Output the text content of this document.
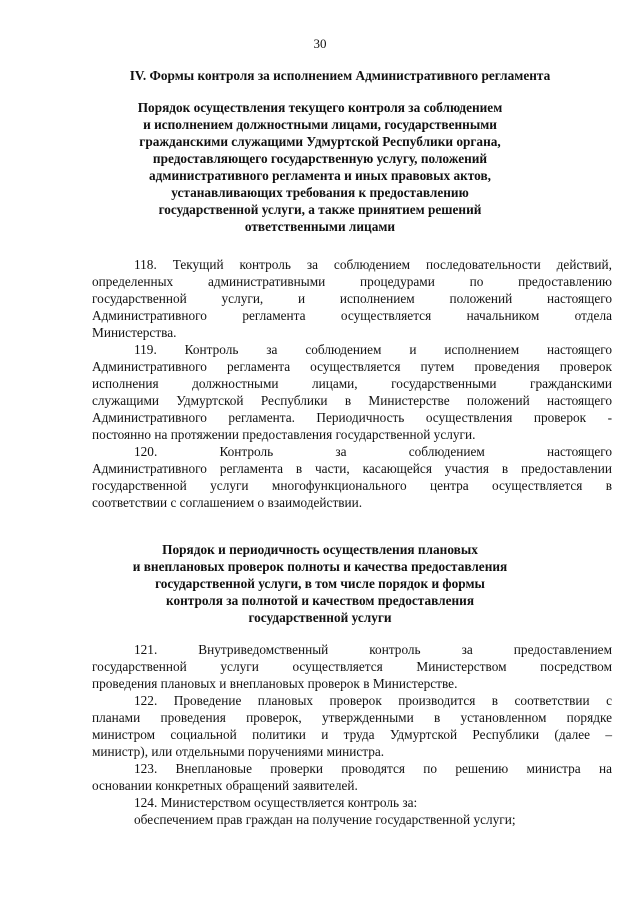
30
IV. Формы контроля за исполнением Административного регламента
Порядок осуществления текущего контроля за соблюдением
и исполнением должностными лицами, государственными
гражданскими служащими Удмуртской Республики органа,
предоставляющего государственную услугу, положений
административного регламента и иных правовых актов,
устанавливающих требования к предоставлению
государственной услуги, а также принятием решений
ответственными лицами
118. Текущий контроль за соблюдением последовательности действий,
определенных административными процедурами по предоставлению
государственной услуги, и исполнением положений настоящего
Административного регламента осуществляется начальником отдела
Министерства.
119. Контроль за соблюдением и исполнением настоящего
Административного регламента осуществляется путем проведения проверок
исполнения должностными лицами, государственными гражданскими
служащими Удмуртской Республики в Министерстве положений настоящего
Административного регламента. Периодичность осуществления проверок -
постоянно на протяжении предоставления государственной услуги.
120. Контроль за соблюдением настоящего
Административного регламента в части, касающейся участия в предоставлении
государственной услуги многофункционального центра осуществляется в
соответствии с соглашением о взаимодействии.
Порядок и периодичность осуществления плановых
и внеплановых проверок полноты и качества предоставления
государственной услуги, в том числе порядок и формы
контроля за полнотой и качеством предоставления
государственной услуги
121. Внутриведомственный контроль за предоставлением
государственной услуги осуществляется Министерством посредством
проведения плановых и внеплановых проверок в Министерстве.
122. Проведение плановых проверок производится в соответствии с
планами проведения проверок, утвержденными в установленном порядке
министром социальной политики и труда Удмуртской Республики (далее –
министр), или отдельными поручениями министра.
123. Внеплановые проверки проводятся по решению министра на
основании конкретных обращений заявителей.
124. Министерством осуществляется контроль за:
обеспечением прав граждан на получение государственной услуги;
